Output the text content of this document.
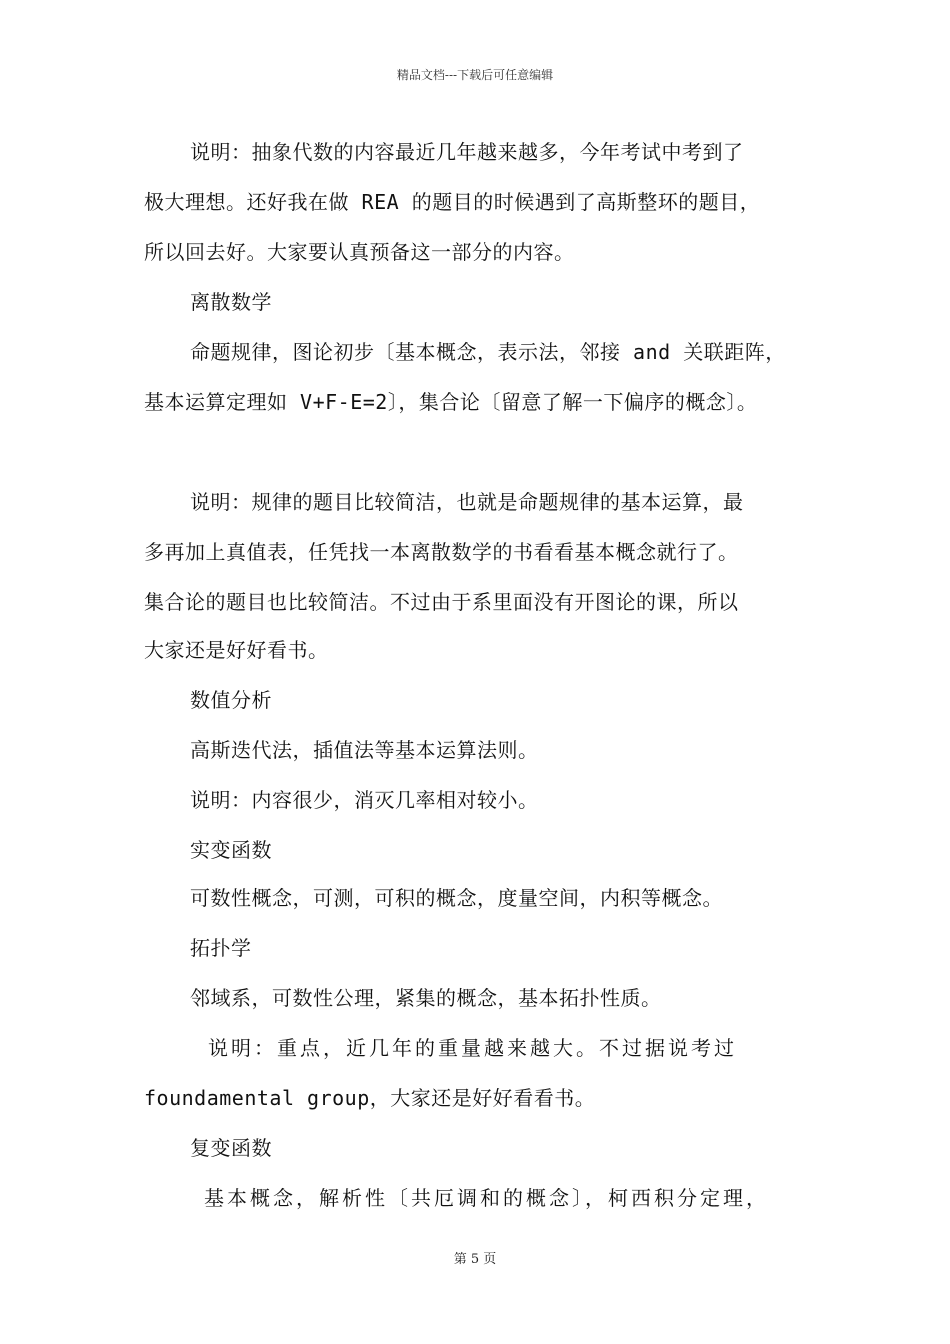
精品文档---下载后可任意编辑
说明：抽象代数的内容最近几年越来越多，今年考试中考到了
极大理想。还好我在做 REA 的题目的时候遇到了高斯整环的题目，
所以回去好。大家要认真预备这一部分的内容。
离散数学
命题规律，图论初步〔基本概念，表示法，邻接 and 关联距阵，
基本运算定理如 V+F-E=2〕，集合论〔留意了解一下偏序的概念〕。
说明：规律的题目比较简洁，也就是命题规律的基本运算，最
多再加上真值表，任凭找一本离散数学的书看看基本概念就行了。
集合论的题目也比较简洁。不过由于系里面没有开图论的课，所以
大家还是好好看书。
数值分析
高斯迭代法，插值法等基本运算法则。
说明：内容很少，消灭几率相对较小。
实变函数
可数性概念，可测，可积的概念，度量空间，内积等概念。
拓扑学
邻域系，可数性公理，紧集的概念，基本拓扑性质。
说明：重点，近几年的重量越来越大。不过据说考过
foundamental group，大家还是好好看看书。
复变函数
基本概念，解析性〔共厄调和的概念〕，柯西积分定理，
第 5 页
